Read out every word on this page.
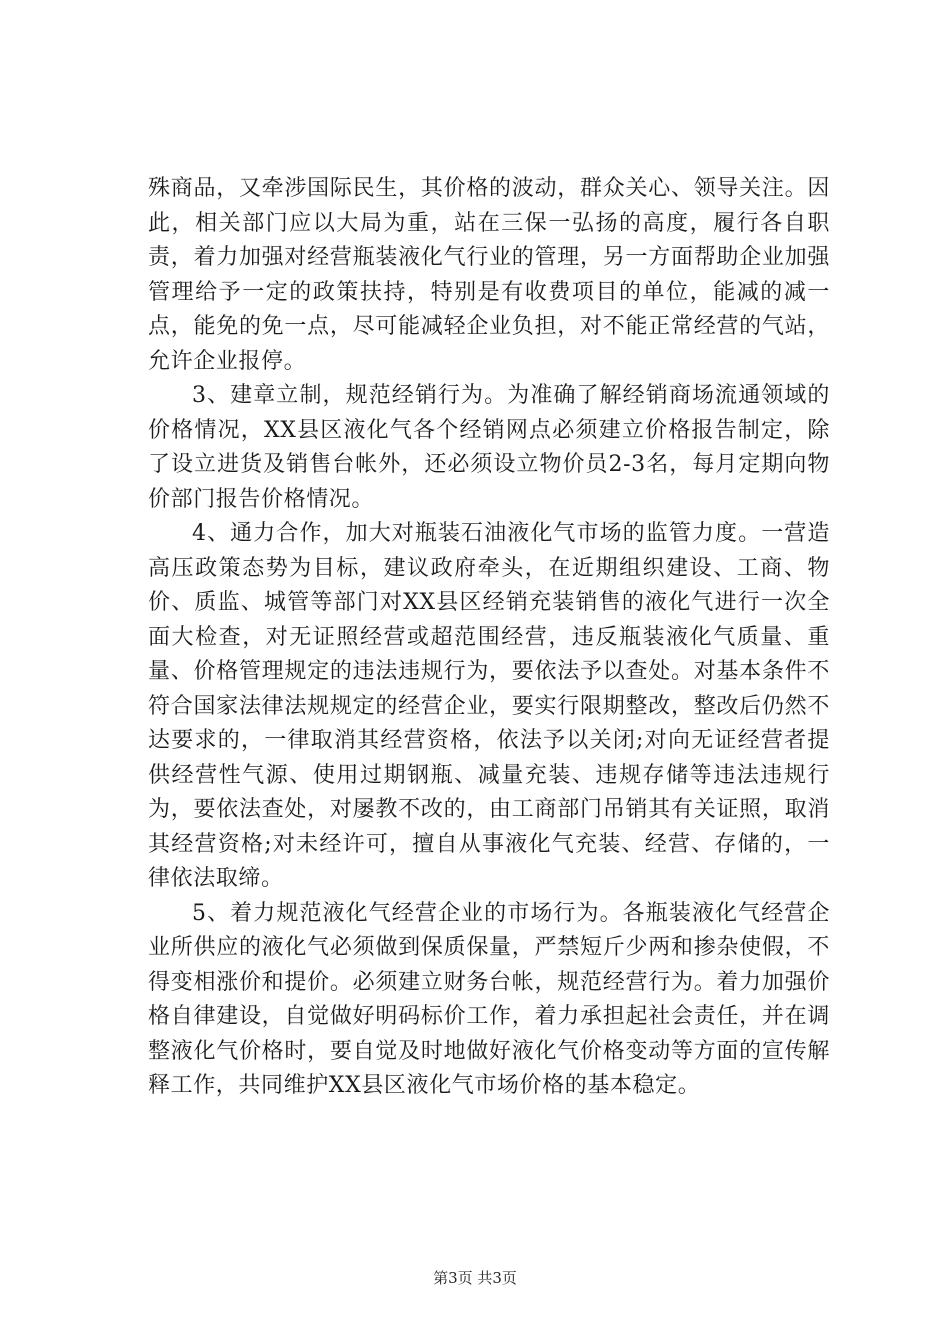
殊商品，又牵涉国际民生，其价格的波动，群众关心、领导关注。因此，相关部门应以大局为重，站在三保一弘扬的高度，履行各自职责，着力加强对经营瓶装液化气行业的管理，另一方面帮助企业加强管理给予一定的政策扶持，特别是有收费项目的单位，能减的减一点，能免的免一点，尽可能减轻企业负担，对不能正常经营的气站，允许企业报停。

3、建章立制，规范经销行为。为准确了解经销商场流通领域的价格情况，XX县区液化气各个经销网点必须建立价格报告制定，除了设立进货及销售台帐外，还必须设立物价员2-3名，每月定期向物价部门报告价格情况。

4、通力合作，加大对瓶装石油液化气市场的监管力度。一营造高压政策态势为目标，建议政府牵头，在近期组织建设、工商、物价、质监、城管等部门对XX县区经销充装销售的液化气进行一次全面大检查，对无证照经营或超范围经营，违反瓶装液化气质量、重量、价格管理规定的违法违规行为，要依法予以查处。对基本条件不符合国家法律法规规定的经营企业，要实行限期整改，整改后仍然不达要求的，一律取消其经营资格，依法予以关闭;对向无证经营者提供经营性气源、使用过期钢瓶、减量充装、违规存储等违法违规行为，要依法查处，对屡教不改的，由工商部门吊销其有关证照，取消其经营资格;对未经许可，擅自从事液化气充装、经营、存储的，一律依法取缔。

5、着力规范液化气经营企业的市场行为。各瓶装液化气经营企业所供应的液化气必须做到保质保量，严禁短斤少两和掺杂使假，不得变相涨价和提价。必须建立财务台帐，规范经营行为。着力加强价格自律建设，自觉做好明码标价工作，着力承担起社会责任，并在调整液化气价格时，要自觉及时地做好液化气价格变动等方面的宣传解释工作，共同维护XX县区液化气市场价格的基本稳定。

第3页 共3页
